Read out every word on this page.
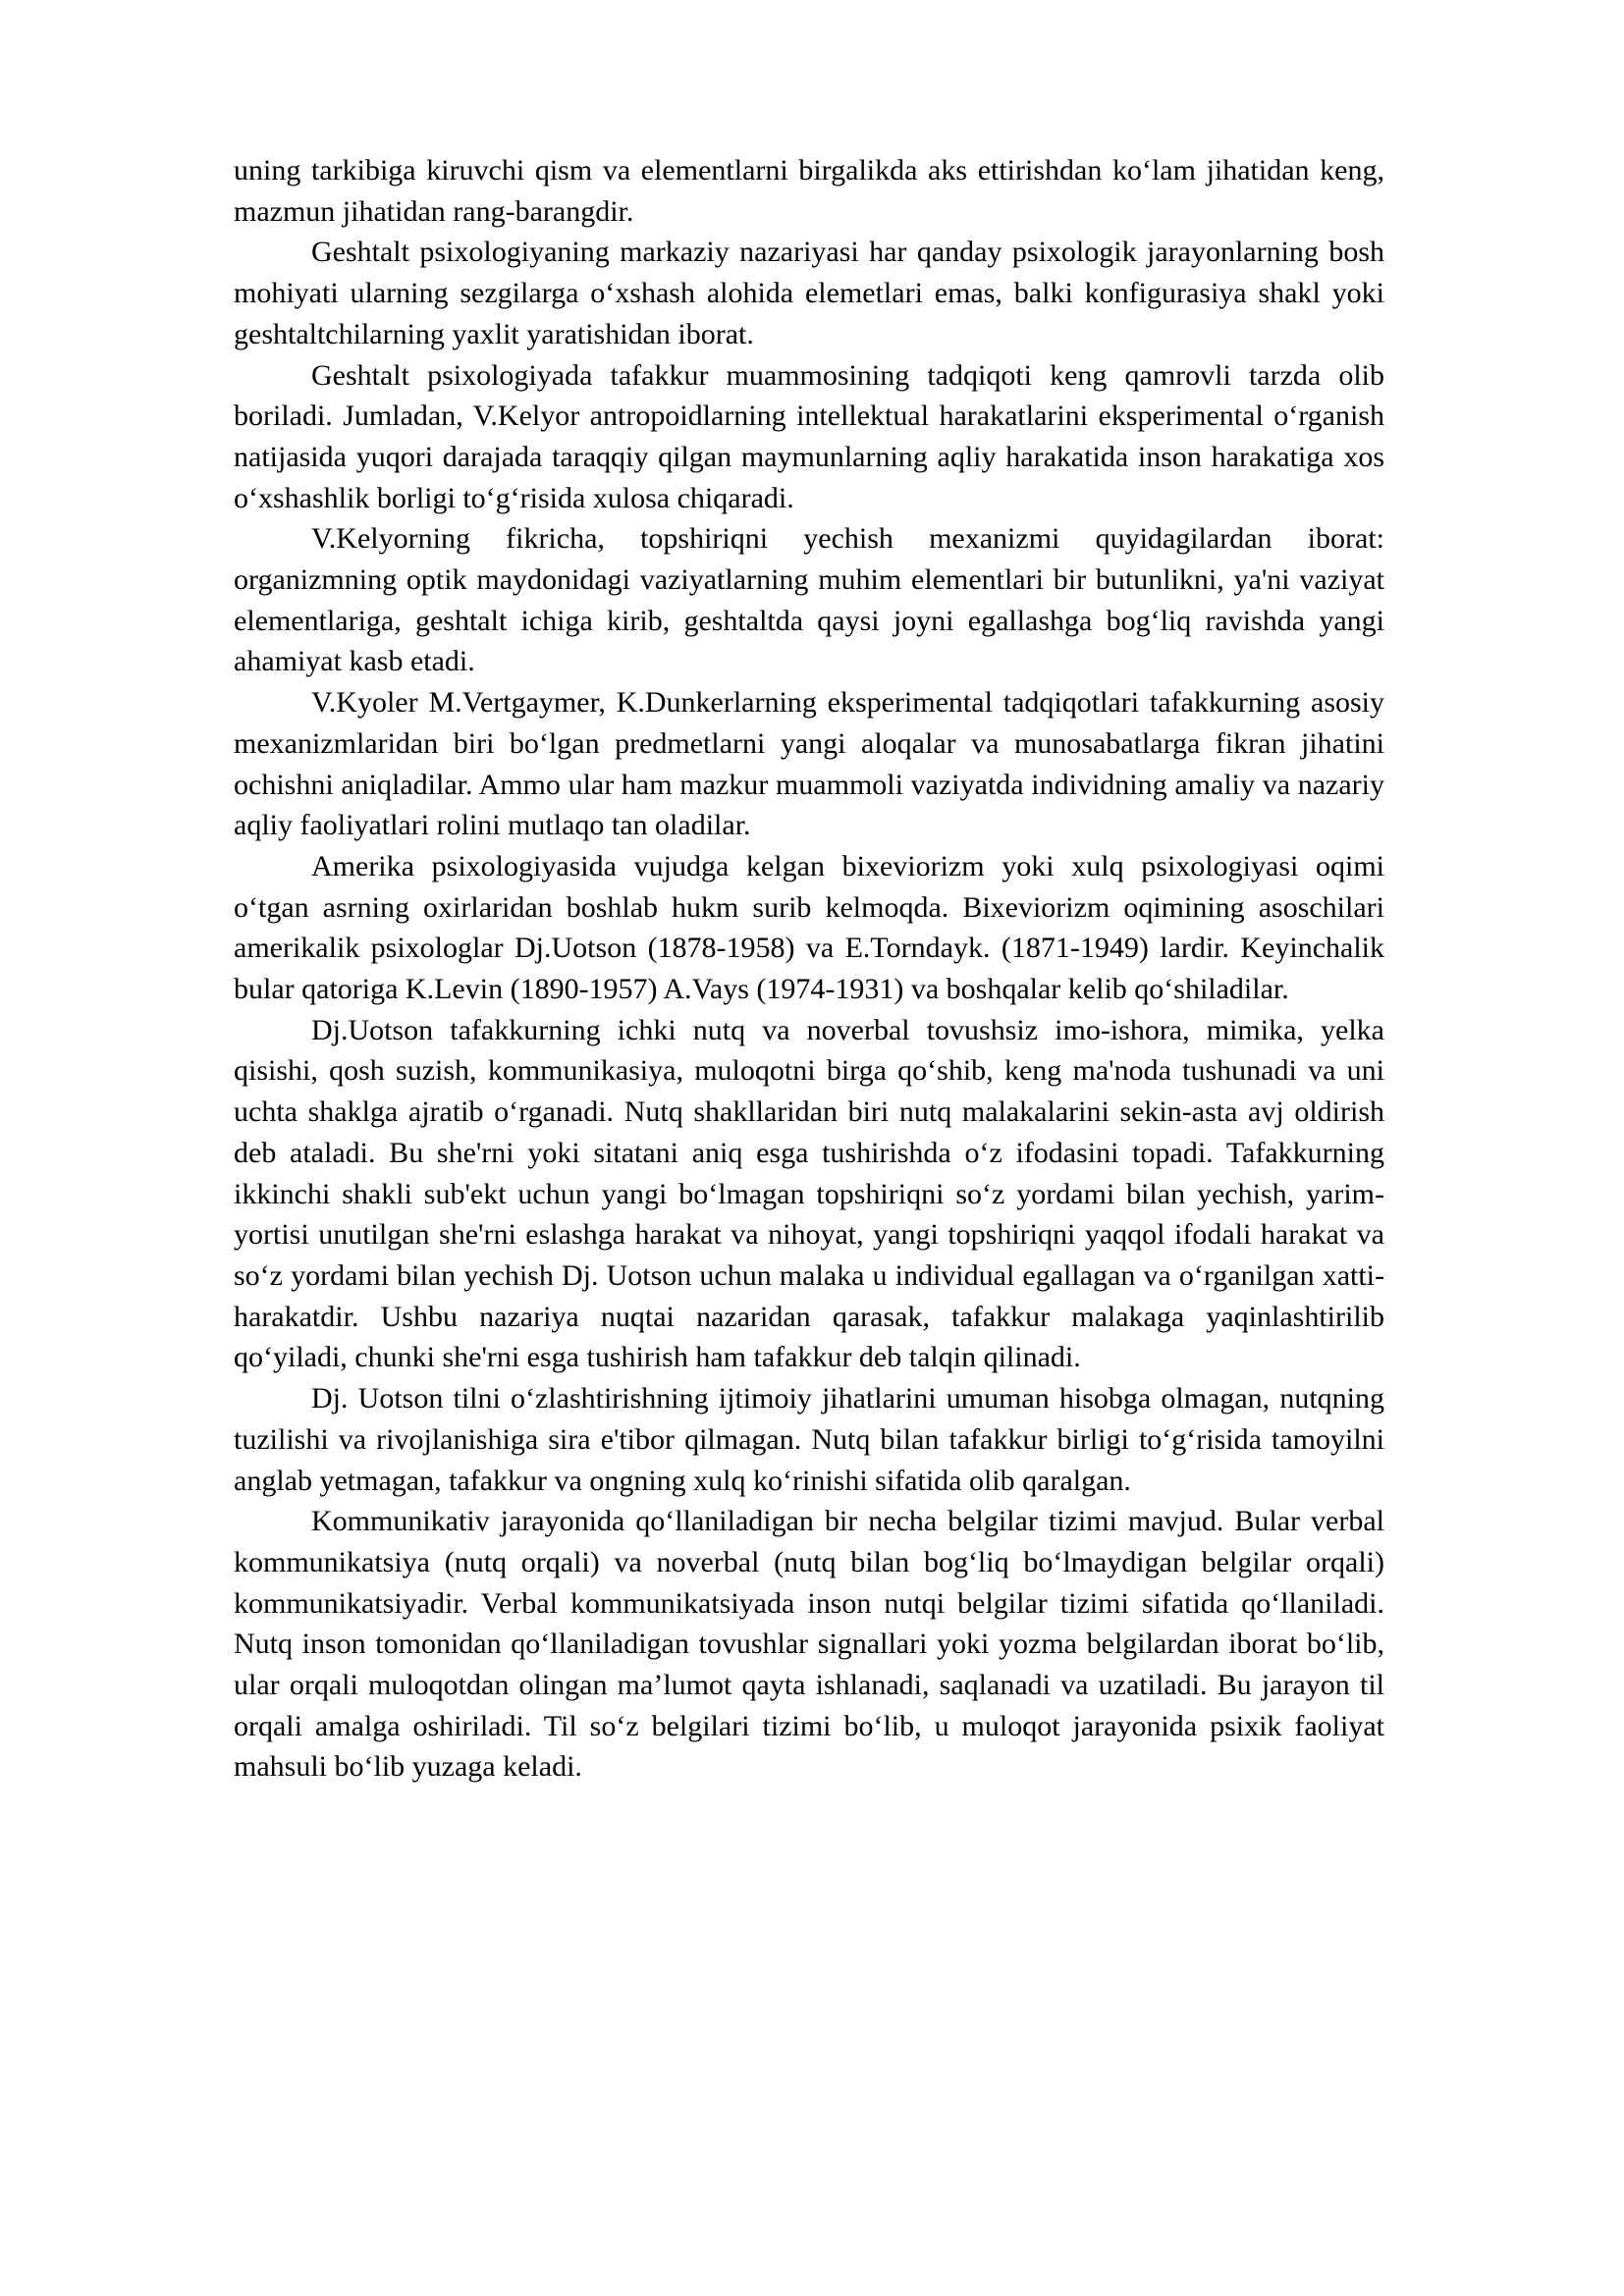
uning tarkibiga kiruvchi qism va elementlarni birgalikda aks ettirishdan ko‘lam jihatidan keng, mazmun jihatidan rang-barangdir.

Geshtalt psixologiyaning markaziy nazariyasi har qanday psixologik jarayonlarning bosh mohiyati ularning sezgilarga o‘xshash alohida elemetlari emas, balki konfigurasiya shakl yoki geshtaltchilarning yaxlit yaratishidan iborat.

Geshtalt psixologiyada tafakkur muammosining tadqiqoti keng qamrovli tarzda olib boriladi. Jumladan, V.Kelyor antropoidlarning intellektual harakatlarini eksperimental o‘rganish natijasida yuqori darajada taraqqiy qilgan maymunlarning aqliy harakatida inson harakatiga xos o‘xshashlik borligi to‘g‘risida xulosa chiqaradi.

V.Kelyorning fikricha, topshiriqni yechish mexanizmi quyidagilardan iborat: organizmning optik maydonidagi vaziyatlarning muhim elementlari bir butunlikni, ya'ni vaziyat elementlariga, geshtalt ichiga kirib, geshtaltda qaysi joyni egallashga bog‘liq ravishda yangi ahamiyat kasb etadi.

V.Kyoler M.Vertgaymer, K.Dunkerlarning eksperimental tadqiqotlari tafakkurning asosiy mexanizmlaridan biri bo‘lgan predmetlarni yangi aloqalar va munosabatlarga fikran jihatini ochishni aniqladilar. Ammo ular ham mazkur muammoli vaziyatda individning amaliy va nazariy aqliy faoliyatlari rolini mutlaqo tan oladilar.

Amerika psixologiyasida vujudga kelgan bixeviorizm yoki xulq psixologiyasi oqimi o‘tgan asrning oxirlaridan boshlab hukm surib kelmoqda. Bixeviorizm oqimining asoschilari amerikalik psixologlar Dj.Uotson (1878-1958) va E.Torndayk. (1871-1949) lardir. Keyinchalik bular qatoriga K.Levin (1890-1957) A.Vays (1974-1931) va boshqalar kelib qo‘shiladilar.

Dj.Uotson tafakkurning ichki nutq va noverbal tovushsiz imo-ishora, mimika, yelka qisishi, qosh suzish, kommunikasiya, muloqotni birga qo‘shib, keng ma'noda tushunadi va uni uchta shaklga ajratib o‘rganadi. Nutq shakllaridan biri nutq malakalarini sekin-asta avj oldirish deb ataladi. Bu she'rni yoki sitatani aniq esga tushirishda o‘z ifodasini topadi. Tafakkurning ikkinchi shakli sub'ekt uchun yangi bo‘lmagan topshiriqni so‘z yordami bilan yechish, yarim-yortisi unutilgan she'rni eslashga harakat va nihoyat, yangi topshiriqni yaqqol ifodali harakat va so‘z yordami bilan yechish Dj. Uotson uchun malaka u individual egallagan va o‘rganilgan xatti-harakatdir. Ushbu nazariya nuqtai nazaridan qarasak, tafakkur malakaga yaqinlashtirilib qo‘yiladi, chunki she'rni esga tushirish ham tafakkur deb talqin qilinadi.

Dj. Uotson tilni o‘zlashtirishning ijtimoiy jihatlarini umuman hisobga olmagan, nutqning tuzilishi va rivojlanishiga sira e'tibor qilmagan. Nutq bilan tafakkur birligi to‘g‘risida tamoyilni anglab yetmagan, tafakkur va ongning xulq ko‘rinishi sifatida olib qaralgan.

Kommunikativ jarayonida qo‘llaniladigan bir necha belgilar tizimi mavjud. Bular verbal kommunikatsiya (nutq orqali) va noverbal (nutq bilan bog‘liq bo‘lmaydigan belgilar orqali) kommunikatsiyadir. Verbal kommunikatsiyada inson nutqi belgilar tizimi sifatida qo‘llaniladi. Nutq inson tomonidan qo‘llaniladigan tovushlar signallari yoki yozma belgilardan iborat bo‘lib, ular orqali muloqotdan olingan ma’lumot qayta ishlanadi, saqlanadi va uzatiladi. Bu jarayon til orqali amalga oshiriladi. Til so‘z belgilari tizimi bo‘lib, u muloqot jarayonida psixik faoliyat mahsuli bo‘lib yuzaga keladi.
